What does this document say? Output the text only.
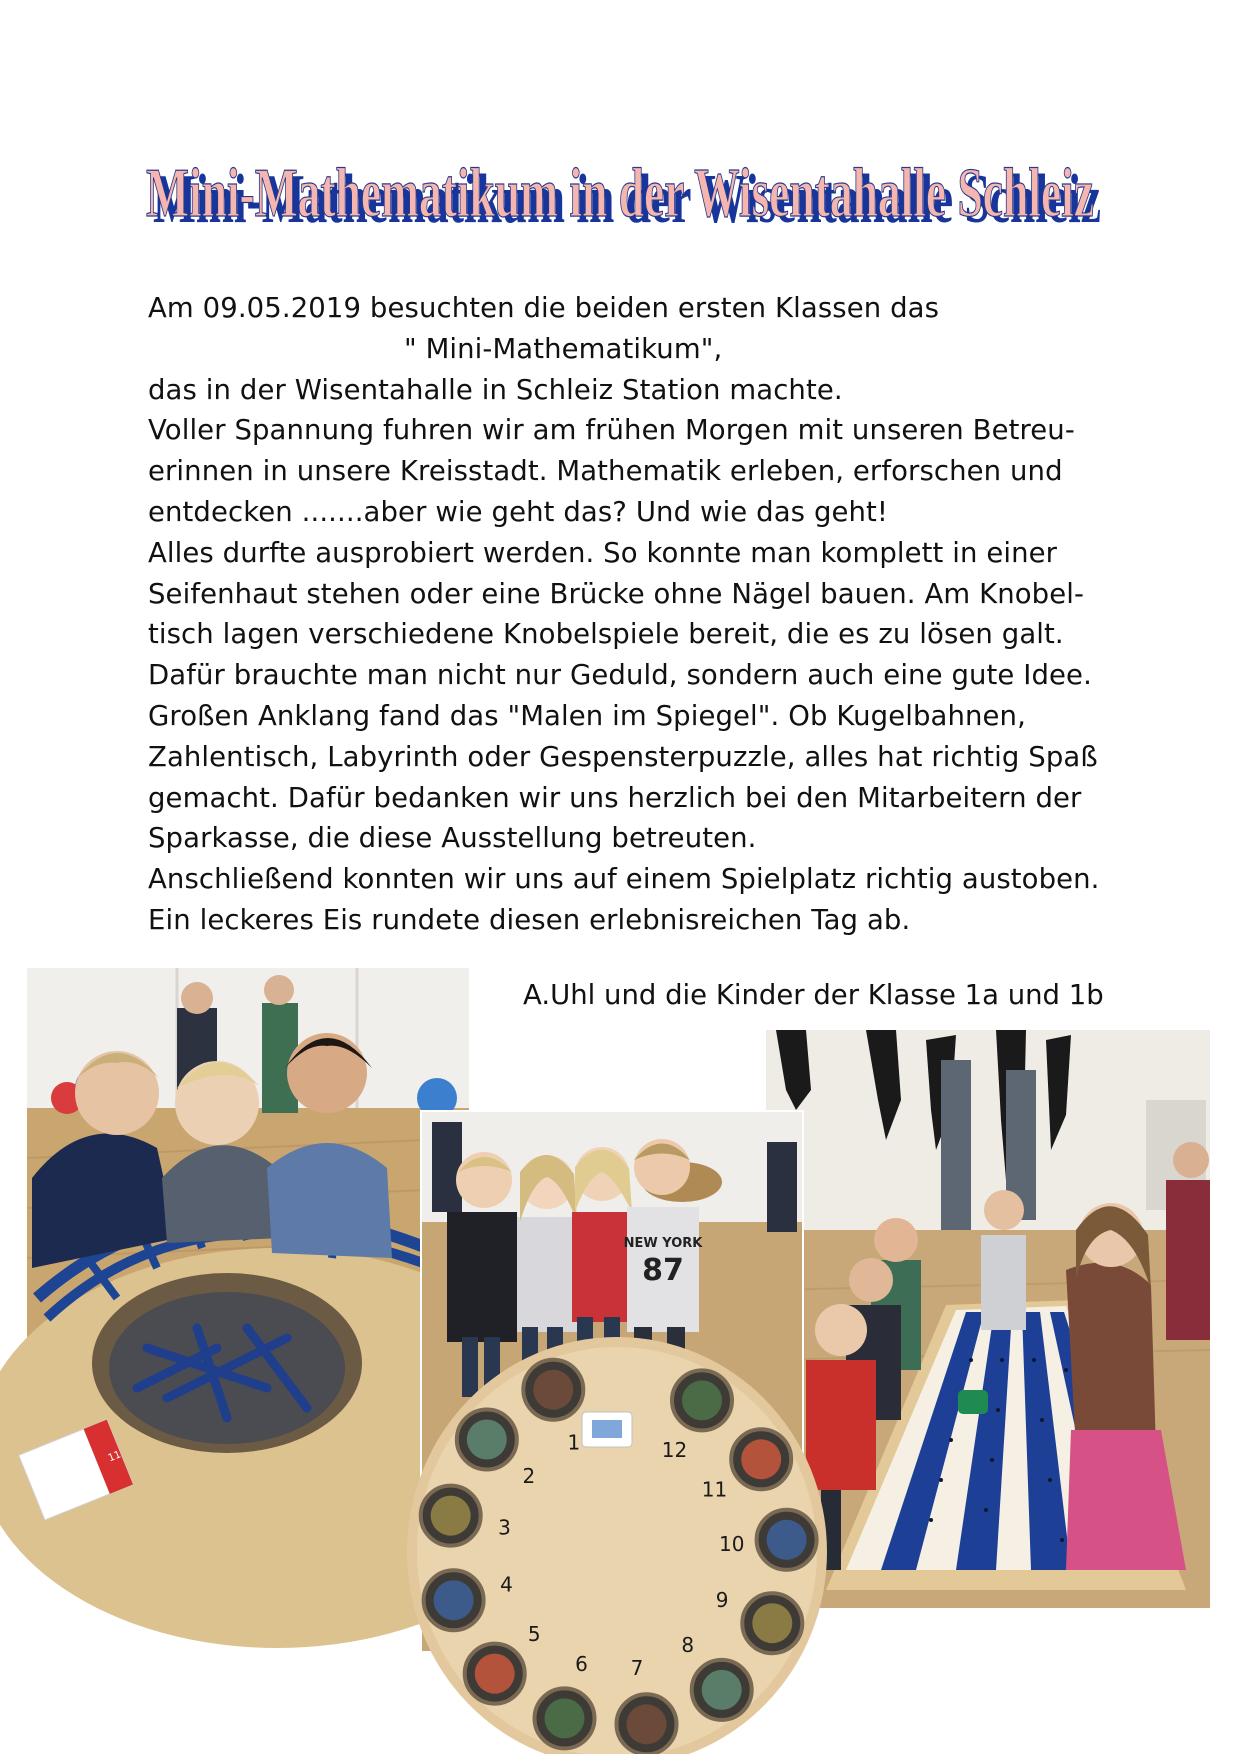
Mini-Mathematikum in der Wisentahalle Schleiz
Mini-Mathematikum in der Wisentahalle Schleiz

Am 09.05.2019 besuchten die beiden ersten Klassen das

" Mini-Mathematikum",

das in der Wisentahalle in Schleiz Station machte.

Voller Spannung fuhren wir am frühen Morgen mit unseren Betreu-

erinnen in unsere Kreisstadt. Mathematik erleben, erforschen und

entdecken .......aber wie geht das? Und wie das geht!

Alles durfte ausprobiert werden. So konnte man komplett in einer

Seifenhaut stehen oder eine Brücke ohne Nägel bauen. Am Knobel-

tisch lagen verschiedene Knobelspiele bereit, die es zu lösen galt.

Dafür brauchte man nicht nur Geduld, sondern auch eine gute Idee.

Großen Anklang fand das "Malen im Spiegel". Ob Kugelbahnen,

Zahlentisch, Labyrinth oder Gespensterpuzzle, alles hat richtig Spaß

gemacht. Dafür bedanken wir uns herzlich bei den Mitarbeitern der

Sparkasse, die diese Ausstellung betreuten.

Anschließend konnten wir uns auf einem Spielplatz richtig austoben.

Ein leckeres Eis rundete diesen erlebnisreichen Tag ab.

A.Uhl und die Kinder der Klasse 1a und 1b
11
NEW YORK
87
12
11
10
9
8
7
6
5
4
3
2
1
